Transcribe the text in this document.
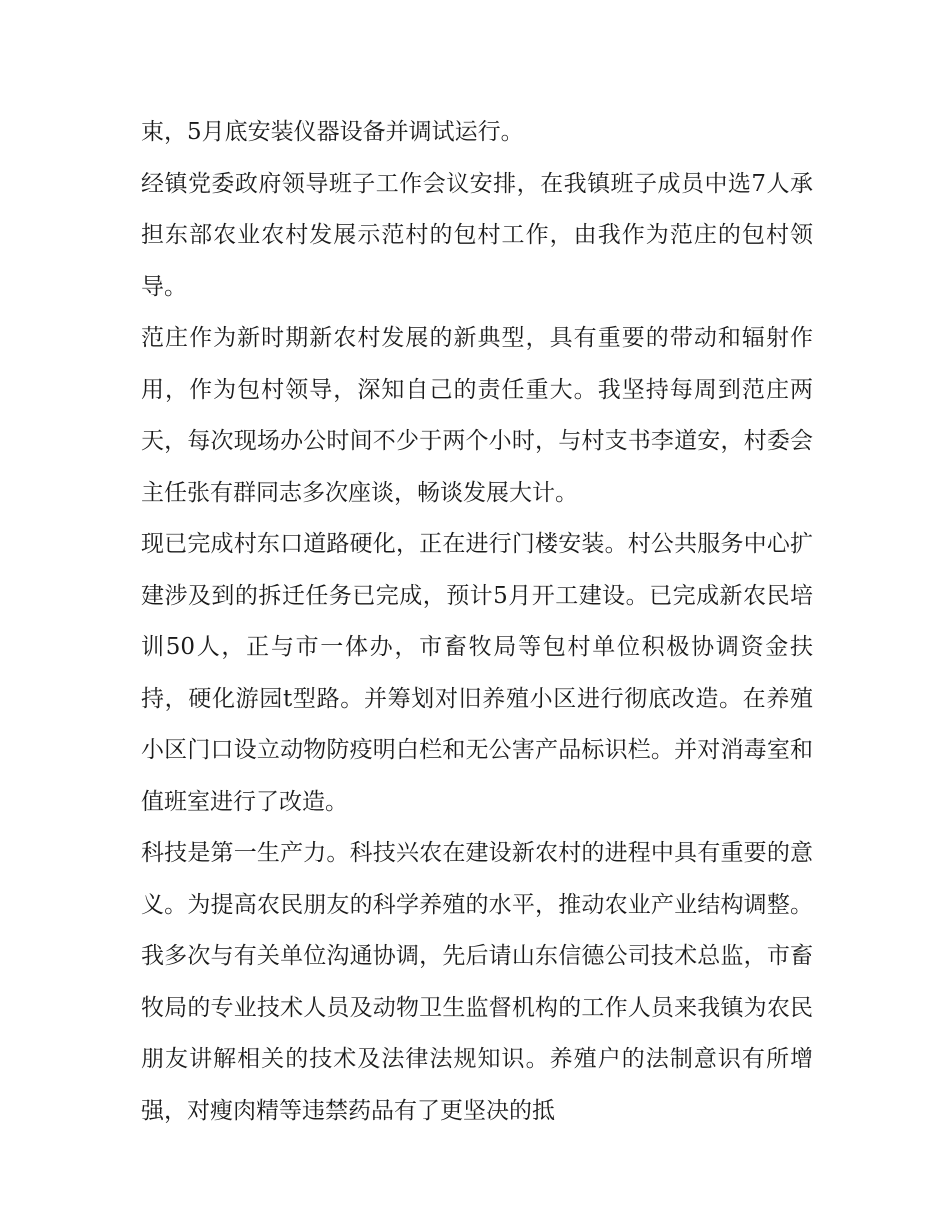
束，5月底安装仪器设备并调试运行。

经镇党委政府领导班子工作会议安排，在我镇班子成员中选7人承担东部农业农村发展示范村的包村工作，由我作为范庄的包村领导。

范庄作为新时期新农村发展的新典型，具有重要的带动和辐射作用，作为包村领导，深知自己的责任重大。我坚持每周到范庄两天，每次现场办公时间不少于两个小时，与村支书李道安，村委会主任张有群同志多次座谈，畅谈发展大计。

现已完成村东口道路硬化，正在进行门楼安装。村公共服务中心扩建涉及到的拆迁任务已完成，预计5月开工建设。已完成新农民培训50人，正与市一体办，市畜牧局等包村单位积极协调资金扶持，硬化游园t型路。并筹划对旧养殖小区进行彻底改造。在养殖小区门口设立动物防疫明白栏和无公害产品标识栏。并对消毒室和值班室进行了改造。

科技是第一生产力。科技兴农在建设新农村的进程中具有重要的意义。为提高农民朋友的科学养殖的水平，推动农业产业结构调整。我多次与有关单位沟通协调，先后请山东信德公司技术总监，市畜牧局的专业技术人员及动物卫生监督机构的工作人员来我镇为农民朋友讲解相关的技术及法律法规知识。养殖户的法制意识有所增强，对瘦肉精等违禁药品有了更坚决的抵
